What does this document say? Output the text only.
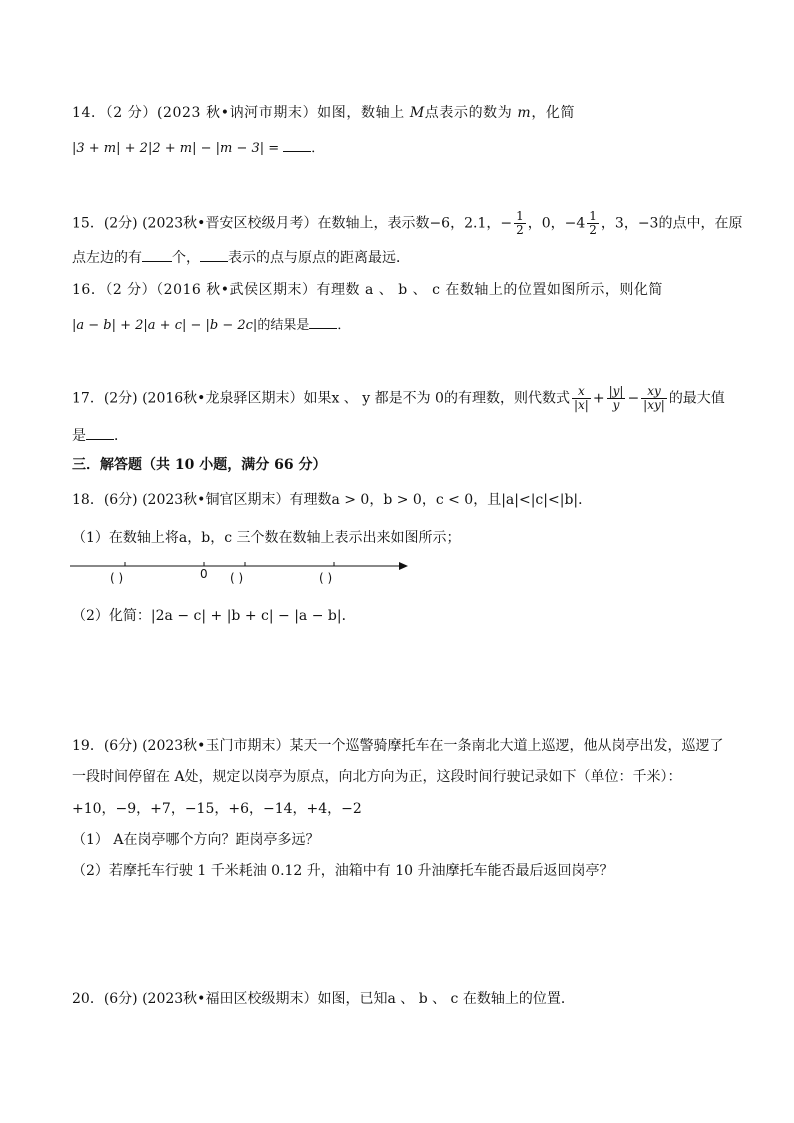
14．（2 分）(2023 秋•讷河市期末）如图，数轴上 M点表示的数为 m，化简
|3 + m| + 2|2 + m| − |m − 3| = ．
15．(2分) (2023秋•晋安区校级月考）在数轴上，表示数−6，2.1，− $\frac{1}{2}$ ，0，$-4 \frac{1}{2}$ ，3，−3的点中，在原
点左边的有 个， 表示的点与原点的距离最远．
16．（2 分）（2016 秋•武侯区期末）有理数 a 、 b 、 c 在数轴上的位置如图所示，则化简
|a − b| + 2|a + c| − |b − 2c|的结果是 ．
17．(2分) (2016秋•龙泉驿区期末）如果x 、 y 都是不为 0的有理数，则代数式 $\frac{x}{|x|} + \frac{|y|}{y} - \frac{xy}{|xy|}$ 的最大值
是 ．
三．解答题（共 10 小题，满分 66 分）
18．(6分) (2023秋•铜官区期末）有理数a > 0，b > 0，c < 0，且|a|<|c|<|b|．
（1）在数轴上将a，b，c 三个数在数轴上表示出来如图所示；
0
( )	( )	( )
（2）化简：|2a − c| + |b + c| − |a − b|．
19．(6分) (2023秋•玉门市期末）某天一个巡警骑摩托车在一条南北大道上巡逻，他从岗亭出发，巡逻了
一段时间停留在 A处，规定以岗亭为原点，向北方向为正，这段时间行驶记录如下（单位：千米）：
+10，−9，+7，−15，+6，−14，+4，−2
（1） A在岗亭哪个方向？距岗亭多远？
（2）若摩托车行驶 1 千米耗油 0.12 升，油箱中有 10 升油摩托车能否最后返回岗亭？
20．(6分) (2023秋•福田区校级期末）如图，已知a 、 b 、 c 在数轴上的位置．
